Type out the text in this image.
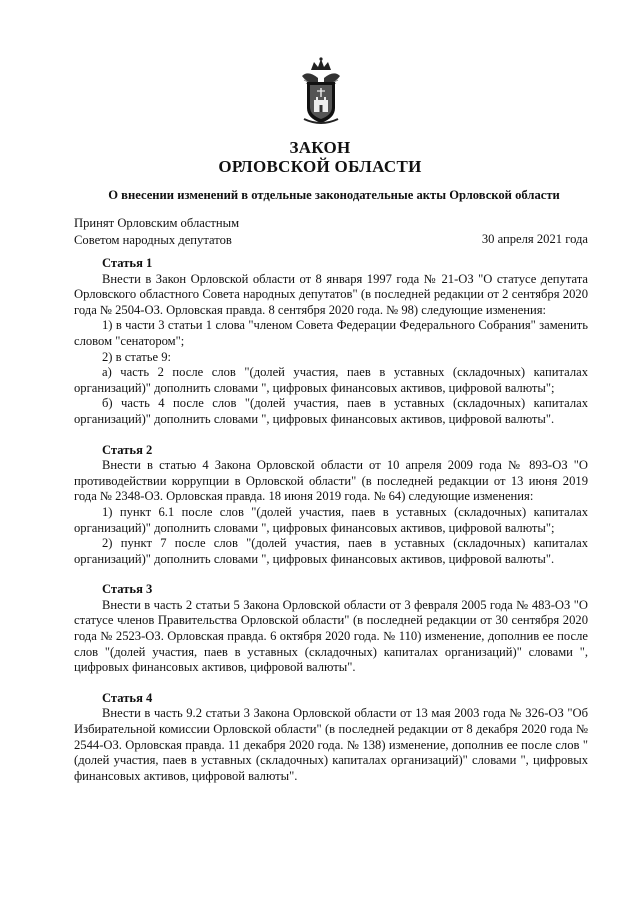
ЗАКОН
ОРЛОВСКОЙ ОБЛАСТИ
О внесении изменений в отдельные законодательные акты Орловской области
Принят Орловским областным
Советом народных депутатов	30 апреля 2021 года
Статья 1

Внести в Закон Орловской области от 8 января 1997 года № 21-ОЗ "О статусе депутата Орловского областного Совета народных депутатов" (в последней редакции от 2 сентября 2020 года № 2504-ОЗ. Орловская правда. 8 сентября 2020 года. № 98) следующие изменения:

1) в части 3 статьи 1 слова "членом Совета Федерации Федерального Собрания" заменить словом "сенатором";

2) в статье 9:

а) часть 2 после слов "(долей участия, паев в уставных (складочных) капиталах организаций)" дополнить словами ", цифровых финансовых активов, цифровой валюты";

б) часть 4 после слов "(долей участия, паев в уставных (складочных) капиталах организаций)" дополнить словами ", цифровых финансовых активов, цифровой валюты".

Статья 2

Внести в статью 4 Закона Орловской области от 10 апреля 2009 года № 893-ОЗ "О противодействии коррупции в Орловской области" (в последней редакции от 13 июня 2019 года № 2348-ОЗ. Орловская правда. 18 июня 2019 года. № 64) следующие изменения:

1) пункт 6.1 после слов "(долей участия, паев в уставных (складочных) капиталах организаций)" дополнить словами ", цифровых финансовых активов, цифровой валюты";

2) пункт 7 после слов "(долей участия, паев в уставных (складочных) капиталах организаций)" дополнить словами ", цифровых финансовых активов, цифровой валюты".

Статья 3

Внести в часть 2 статьи 5 Закона Орловской области от 3 февраля 2005 года № 483-ОЗ "О статусе членов Правительства Орловской области" (в последней редакции от 30 сентября 2020 года № 2523-ОЗ. Орловская правда. 6 октября 2020 года. № 110) изменение, дополнив ее после слов "(долей участия, паев в уставных (складочных) капиталах организаций)" словами ", цифровых финансовых активов, цифровой валюты".

Статья 4

Внести в часть 9.2 статьи 3 Закона Орловской области от 13 мая 2003 года № 326-ОЗ "Об Избирательной комиссии Орловской области" (в последней редакции от 8 декабря 2020 года № 2544-ОЗ. Орловская правда. 11 декабря 2020 года. № 138) изменение, дополнив ее после слов "(долей участия, паев в уставных (складочных) капиталах организаций)" словами ", цифровых финансовых активов, цифровой валюты".
